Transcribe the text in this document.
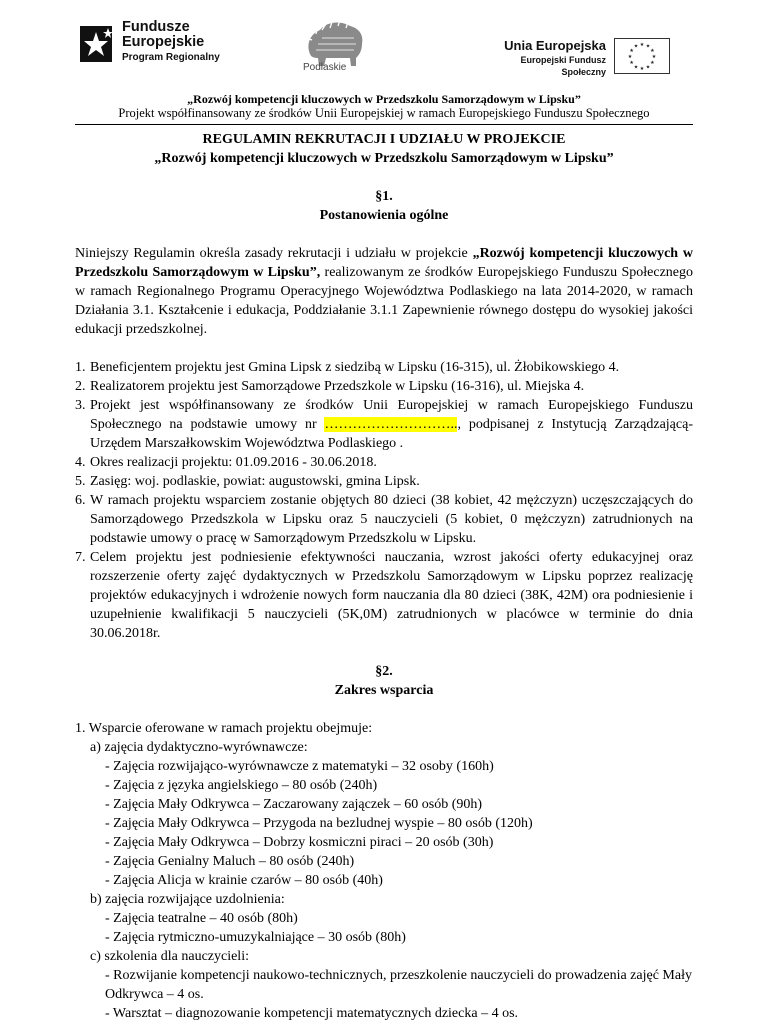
Fundusze
Europejskie
Program Regionalny
Podlaskie
Unia Europejska
Europejski Fundusz Społeczny
★ ★
★
★
★
★
★
★
★
★
★
★
„Rozwój kompetencji kluczowych w Przedszkolu Samorządowym w Lipsku”
Projekt współfinansowany ze środków Unii Europejskiej w ramach Europejskiego Funduszu Społecznego

REGULAMIN REKRUTACJI I UDZIAŁU W PROJEKCIE

„Rozwój kompetencji kluczowych w Przedszkolu Samorządowym w Lipsku”

§1.

Postanowienia ogólne

Niniejszy Regulamin określa zasady rekrutacji i udziału w projekcie „Rozwój kompetencji kluczowych w Przedszkolu Samorządowym w Lipsku”, realizowanym ze środków Europejskiego Funduszu Społecznego w ramach Regionalnego Programu Operacyjnego Województwa Podlaskiego na lata 2014-2020, w ramach Działania 3.1. Kształcenie i edukacja, Poddziałanie 3.1.1 Zapewnienie równego dostępu do wysokiej jakości edukacji przedszkolnej.

1. Beneficjentem projektu jest Gmina Lipsk z siedzibą w Lipsku (16-315), ul. Żłobikowskiego 4.
2. Realizatorem projektu jest Samorządowe Przedszkole w Lipsku (16-316), ul. Miejska 4.
3. Projekt jest współfinansowany ze środków Unii Europejskiej w ramach Europejskiego Funduszu Społecznego na podstawie umowy nr ……………………….., podpisanej z Instytucją Zarządzającą- Urzędem Marszałkowskim Województwa Podlaskiego .
4. Okres realizacji projektu: 01.09.2016 - 30.06.2018.
5. Zasięg: woj. podlaskie, powiat: augustowski, gmina Lipsk.
6. W ramach projektu wsparciem zostanie objętych 80 dzieci (38 kobiet, 42 mężczyzn) uczęszczających do Samorządowego Przedszkola w Lipsku oraz 5 nauczycieli (5 kobiet, 0 mężczyzn) zatrudnionych na podstawie umowy o pracę w Samorządowym Przedszkolu w Lipsku.
7. Celem projektu jest podniesienie efektywności nauczania, wzrost jakości oferty edukacyjnej oraz rozszerzenie oferty zajęć dydaktycznych w Przedszkolu Samorządowym w Lipsku poprzez realizację projektów edukacyjnych i wdrożenie nowych form nauczania dla 80 dzieci (38K, 42M) ora podniesienie i uzupełnienie kwalifikacji 5 nauczycieli (5K,0M) zatrudnionych w placówce w terminie do dnia 30.06.2018r.

§2.

Zakres wsparcia

1. Wsparcie oferowane w ramach projektu obejmuje:

a) zajęcia dydaktyczno-wyrównawcze:

- Zajęcia rozwijająco-wyrównawcze z matematyki – 32 osoby (160h)

- Zajęcia z języka angielskiego – 80 osób (240h)

- Zajęcia Mały Odkrywca – Zaczarowany zajączek – 60 osób (90h)

- Zajęcia Mały Odkrywca – Przygoda na bezludnej wyspie – 80 osób (120h)

- Zajęcia Mały Odkrywca – Dobrzy kosmiczni piraci – 20 osób (30h)

- Zajęcia Genialny Maluch – 80 osób (240h)

- Zajęcia Alicja w krainie czarów – 80 osób (40h)

b) zajęcia rozwijające uzdolnienia:

- Zajęcia teatralne – 40 osób (80h)

- Zajęcia rytmiczno-umuzykalniające – 30 osób (80h)

c) szkolenia dla nauczycieli:

- Rozwijanie kompetencji naukowo-technicznych, przeszkolenie nauczycieli do prowadzenia zajęć Mały Odkrywca – 4 os.

- Warsztat – diagnozowanie kompetencji matematycznych dziecka – 4 os.
